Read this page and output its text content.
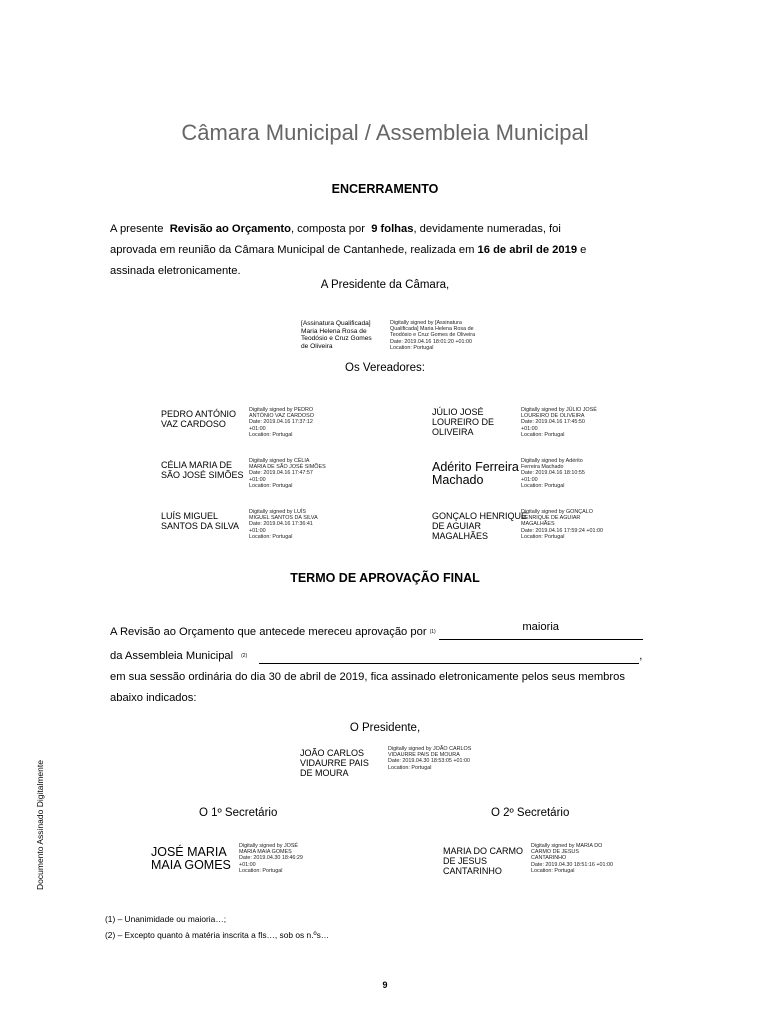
Câmara Municipal / Assembleia Municipal
ENCERRAMENTO
A presente Revisão ao Orçamento, composta por 9 folhas, devidamente numeradas, foi
aprovada em reunião da Câmara Municipal de Cantanhede, realizada em 16 de abril de 2019 e
assinada eletronicamente.
A Presidente da Câmara,
[Assinatura Qualificada]
Maria Helena Rosa de
Teodósio e Cruz Gomes
de Oliveira
Digitally signed by [Assinatura
Qualificada] Maria Helena Rosa de
Teodósio e Cruz Gomes de Oliveira
Date: 2019.04.16 18:01:20 +01:00
Location: Portugal
Os Vereadores:
PEDRO ANTÓNIO
VAZ CARDOSO
Digitally signed by PEDRO
ANTÓNIO VAZ CARDOSO
Date: 2019.04.16 17:37:12
+01:00
Location: Portugal
JÚLIO JOSÉ
LOUREIRO DE
OLIVEIRA
Digitally signed by JÚLIO JOSÉ
LOUREIRO DE OLIVEIRA
Date: 2019.04.16 17:45:50
+01:00
Location: Portugal
CÉLIA MARIA DE
SÃO JOSÉ SIMÕES
Digitally signed by CÉLIA
MARIA DE SÃO JOSÉ SIMÕES
Date: 2019.04.16 17:47:57
+01:00
Location: Portugal
Adérito Ferreira
Machado
Digitally signed by Adérito
Ferreira Machado
Date: 2019.04.16 18:10:55
+01:00
Location: Portugal
LUÍS MIGUEL
SANTOS DA SILVA
Digitally signed by LUÍS
MIGUEL SANTOS DA SILVA
Date: 2019.04.16 17:36:41
+01:00
Location: Portugal
GONÇALO HENRIQUE
DE AGUIAR
MAGALHÃES
Digitally signed by GONÇALO
HENRIQUE DE AGUIAR
MAGALHÃES
Date: 2019.04.16 17:59:24 +01:00
Location: Portugal
TERMO DE APROVAÇÃO FINAL
A Revisão ao Orçamento que antecede mereceu aprovação por $^{(1)}$	maioria
da Assembleia Municipal $^{(2)}$	,
em sua sessão ordinária do dia 30 de abril de 2019, fica assinado eletronicamente pelos seus membros
abaixo indicados:
O Presidente,
JOÃO CARLOS
VIDAURRE PAIS
DE MOURA
Digitally signed by JOÃO CARLOS
VIDAURRE PAIS DE MOURA
Date: 2019.04.30 18:53:05 +01:00
Location: Portugal
O 1º Secretário	O 2º Secretário
JOSÉ MARIA
MAIA GOMES
Digitally signed by JOSÉ
MARIA MAIA GOMES
Date: 2019.04.30 18:46:29
+01:00
Location: Portugal
MARIA DO CARMO
DE JESUS
CANTARINHO
Digitally signed by MARIA DO
CARMO DE JESUS
CANTARINHO
Date: 2019.04.30 18:51:16 +01:00
Location: Portugal
Documento Assinado Digitalmente
(1) – Unanimidade ou maioria…;
(2) – Excepto quanto à matéria inscrita a fls…, sob os n.ºs…
9
